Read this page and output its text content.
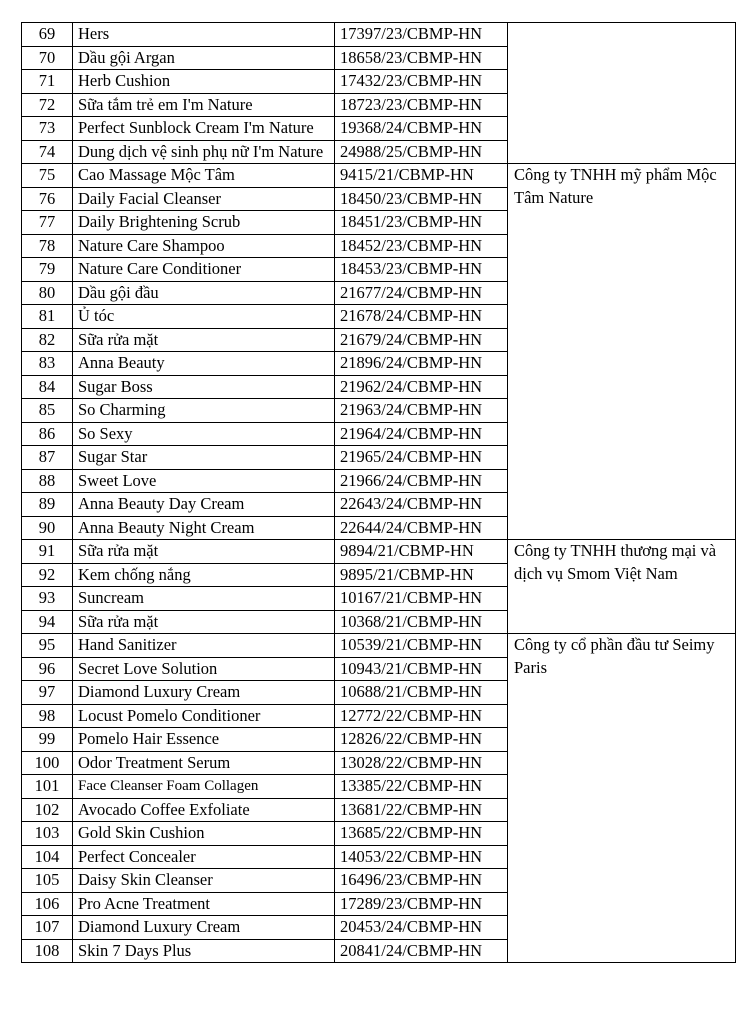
69	Hers	17397/23/CBMP-HN	
70	Dầu gội Argan	18658/23/CBMP-HN	
71	Herb Cushion	17432/23/CBMP-HN	
72	Sữa tắm trẻ em I'm Nature	18723/23/CBMP-HN	
73	Perfect Sunblock Cream I'm Nature	19368/24/CBMP-HN	
74	Dung dịch vệ sinh phụ nữ I'm Nature	24988/25/CBMP-HN	
75	Cao Massage Mộc Tâm	9415/21/CBMP-HN	Công ty TNHH mỹ phẩm Mộc Tâm Nature
76	Daily Facial Cleanser	18450/23/CBMP-HN	
77	Daily Brightening Scrub	18451/23/CBMP-HN	
78	Nature Care Shampoo	18452/23/CBMP-HN	
79	Nature Care Conditioner	18453/23/CBMP-HN	
80	Dầu gội đầu	21677/24/CBMP-HN	
81	Ủ tóc	21678/24/CBMP-HN	
82	Sữa rửa mặt	21679/24/CBMP-HN	
83	Anna Beauty	21896/24/CBMP-HN	
84	Sugar Boss	21962/24/CBMP-HN	
85	So Charming	21963/24/CBMP-HN	
86	So Sexy	21964/24/CBMP-HN	
87	Sugar Star	21965/24/CBMP-HN	
88	Sweet Love	21966/24/CBMP-HN	
89	Anna Beauty Day Cream	22643/24/CBMP-HN	
90	Anna Beauty Night Cream	22644/24/CBMP-HN	
91	Sữa rửa mặt	9894/21/CBMP-HN	Công ty TNHH thương mại và dịch vụ Smom Việt Nam
92	Kem chống nắng	9895/21/CBMP-HN	
93	Suncream	10167/21/CBMP-HN	
94	Sữa rửa mặt	10368/21/CBMP-HN	
95	Hand Sanitizer	10539/21/CBMP-HN	Công ty cổ phần đầu tư Seimy Paris
96	Secret Love Solution	10943/21/CBMP-HN	
97	Diamond Luxury Cream	10688/21/CBMP-HN	
98	Locust Pomelo Conditioner	12772/22/CBMP-HN	
99	Pomelo Hair Essence	12826/22/CBMP-HN	
100	Odor Treatment Serum	13028/22/CBMP-HN	
101	Face Cleanser Foam Collagen	13385/22/CBMP-HN	
102	Avocado Coffee Exfoliate	13681/22/CBMP-HN	
103	Gold Skin Cushion	13685/22/CBMP-HN	
104	Perfect Concealer	14053/22/CBMP-HN	
105	Daisy Skin Cleanser	16496/23/CBMP-HN	
106	Pro Acne Treatment	17289/23/CBMP-HN	
107	Diamond Luxury Cream	20453/24/CBMP-HN	
108	Skin 7 Days Plus	20841/24/CBMP-HN	
